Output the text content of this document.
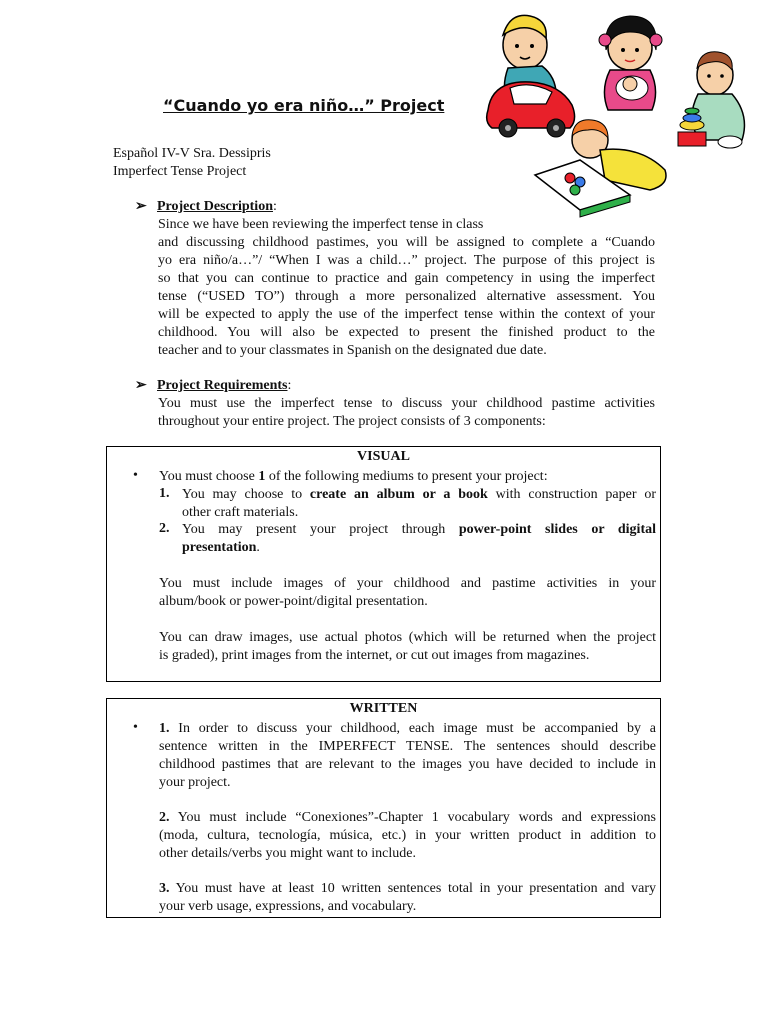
“Cuando yo era niño…” Project
Español IV-V Sra. Dessipris
Imperfect Tense Project
➢ Project Description:
Since we have been reviewing the imperfect tense in class
and discussing childhood pastimes, you will be assigned to complete a “Cuando
yo era niño/a…”/ “When I was a child…” project. The purpose of this project is
so that you can continue to practice and gain competency in using the imperfect
tense (“USED TO”) through a more personalized alternative assessment. You
will be expected to apply the use of the imperfect tense within the context of your
childhood. You will also be expected to present the finished product to the
teacher and to your classmates in Spanish on the designated due date.
➢ Project Requirements:
You must use the imperfect tense to discuss your childhood pastime activities
throughout your entire project. The project consists of 3 components:
VISUAL
• You must choose 1 of the following mediums to present your project:
1. You may choose to create an album or a book with construction paper or
other craft materials.
2. You may present your project through power-point slides or digital
presentation.
You must include images of your childhood and pastime activities in your
album/book or power-point/digital presentation.
You can draw images, use actual photos (which will be returned when the project
is graded), print images from the internet, or cut out images from magazines.
WRITTEN
• 1. In order to discuss your childhood, each image must be accompanied by a
sentence written in the IMPERFECT TENSE. The sentences should describe
childhood pastimes that are relevant to the images you have decided to include in
your project.
2. You must include “Conexiones”-Chapter 1 vocabulary words and expressions
(moda, cultura, tecnología, música, etc.) in your written product in addition to
other details/verbs you might want to include.
3. You must have at least 10 written sentences total in your presentation and vary
your verb usage, expressions, and vocabulary.
